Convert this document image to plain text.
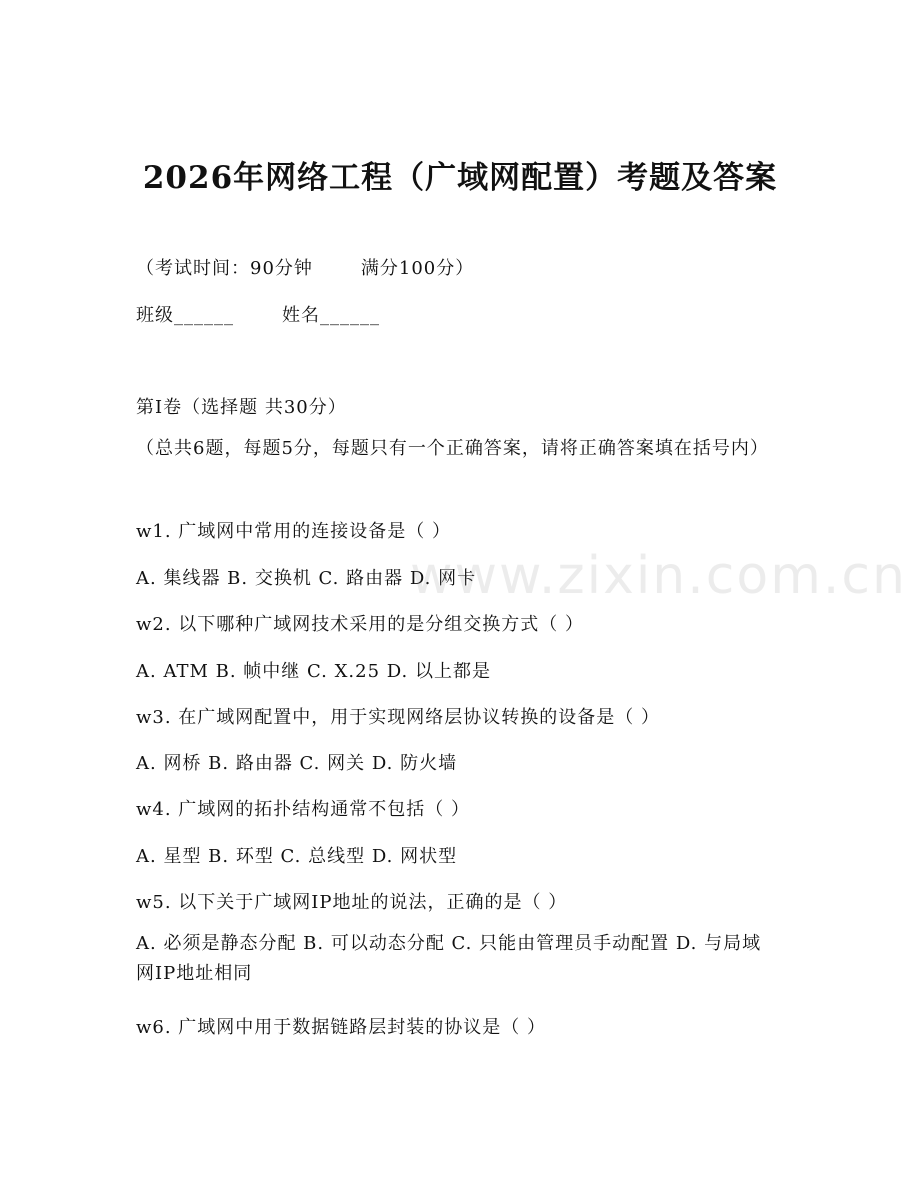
2026年网络工程（广域网配置）考题及答案
（考试时间：90分钟	满分100分）
班级______	姓名______
第I卷（选择题 共30分）
（总共6题，每题5分，每题只有一个正确答案，请将正确答案填在括号内）
w1. 广域网中常用的连接设备是（ ）
A. 集线器 B. 交换机 C. 路由器 D. 网卡
w2. 以下哪种广域网技术采用的是分组交换方式（ ）
A. ATM B. 帧中继 C. X.25 D. 以上都是
w3. 在广域网配置中，用于实现网络层协议转换的设备是（ ）
A. 网桥 B. 路由器 C. 网关 D. 防火墙
w4. 广域网的拓扑结构通常不包括（ ）
A. 星型 B. 环型 C. 总线型 D. 网状型
w5. 以下关于广域网IP地址的说法，正确的是（ ）
A. 必须是静态分配 B. 可以动态分配 C. 只能由管理员手动配置 D. 与局域网IP地址相同
w6. 广域网中用于数据链路层封装的协议是（ ）
www.zixin.com.cn
